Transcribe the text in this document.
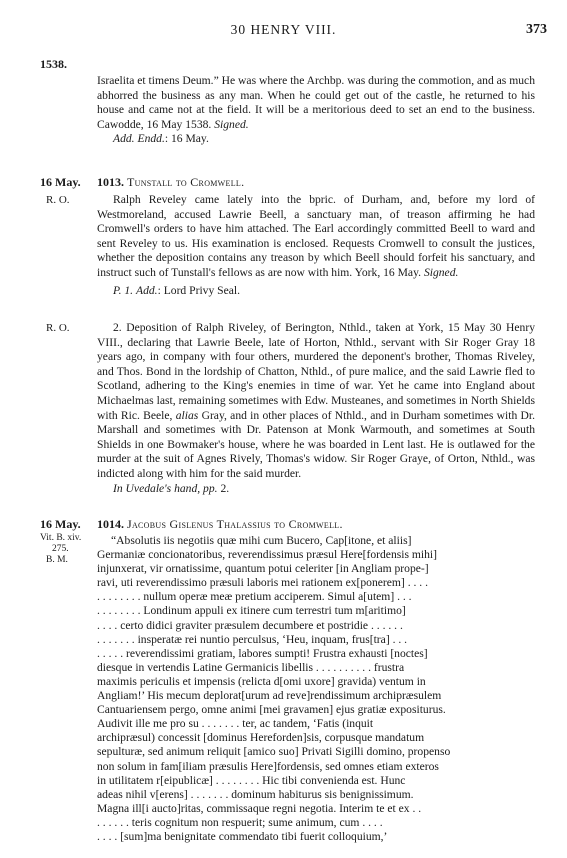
30 HENRY VIII.	373
1538.

Israelita et timens Deum.” He was where the Archbp. was during the commotion, and as much abhorred the business as any man. When he could get out of the castle, he returned to his house and came not at the field. It will be a meritorious deed to set an end to the business. Cawodde, 16 May 1538. Signed.

Add. Endd.: 16 May.

16 May.	1013. Tunstall to Cromwell.
R. O.	Ralph Reveley came lately into the bpric. of Durham, and, before my lord of Westmoreland, accused Lawrie Beell, a sanctuary man, of treason affirming he had Cromwell's orders to have him attached. The Earl accordingly committed Beell to ward and sent Reveley to us. His examination is enclosed. Requests Cromwell to consult the justices, whether the deposition contains any treason by which Beell should forfeit his sanctuary, and instruct such of Tunstall's fellows as are now with him. York, 16 May. Signed.

P. 1. Add.: Lord Privy Seal.

R. O.	2. Deposition of Ralph Riveley, of Berington, Nthld., taken at York, 15 May 30 Henry VIII., declaring that Lawrie Beele, late of Horton, Nthld., servant with Sir Roger Gray 18 years ago, in company with four others, murdered the deponent's brother, Thomas Riveley, and Thos. Bond in the lordship of Chatton, Nthld., of pure malice, and the said Lawrie fled to Scotland, adhering to the King's enemies in time of war. Yet he came into England about Michaelmas last, remaining sometimes with Edw. Musteanes, and sometimes in North Shields with Ric. Beele, alias Gray, and in other places of Nthld., and in Durham sometimes with Dr. Marshall and sometimes with Dr. Patenson at Monk Warmouth, and sometimes at South Shields in one Bowmaker's house, where he was boarded in Lent last. He is outlawed for the murder at the suit of Agnes Rively, Thomas's widow. Sir Roger Graye, of Orton, Nthld., was indicted along with him for the said murder.

In Uvedale's hand, pp. 2.

16 May.	1014. Jacobus Gislenus Thalassius to Cromwell.
Vit. B. xiv.
275.
B. M.
“Absolutis iis negotiis quæ mihi cum Bucero, Cap[itone, et aliis]
Germaniæ concionatoribus, reverendissimus præsul Here[fordensis mihi]
injunxerat, vir ornatissime, quantum potui celeriter [in Angliam prope-]
ravi, uti reverendissimo præsuli laboris mei rationem ex[ponerem] . . . .
. . . . . . . . nullum operæ meæ pretium acciperem. Simul a[utem] . . .
. . . . . . . . Londinum appuli ex itinere cum terrestri tum m[aritimo]
. . . . certo didici graviter præsulem decumbere et postridie . . . . . .
. . . . . . . insperatæ rei nuntio perculsus, ‘Heu, inquam, frus[tra] . . .
. . . . . reverendissimi gratiam, labores sumpti! Frustra exhausti [noctes]
diesque in vertendis Latine Germanicis libellis . . . . . . . . . . frustra
maximis periculis et impensis (relicta d[omi uxore] gravida) ventum in
Angliam!’ His mecum deplorat[urum ad reve]rendissimum archipræsulem
Cantuariensem pergo, omne animi [mei gravamen] ejus gratiæ expositurus.
Audivit ille me pro su . . . . . . . ter, ac tandem, ‘Fatis (inquit
archipræsul) concessit [dominus Hereforden]sis, corpusque mandatum
sepulturæ, sed animum reliquit [amico suo] Privati Sigilli domino, propenso
non solum in fam[iliam præsulis Here]fordensis, sed omnes etiam exteros
in utilitatem r[eipublicæ] . . . . . . . . Hic tibi convenienda est. Hunc
adeas nihil v[erens] . . . . . . . dominum habiturus sis benignissimum.
Magna ill[i aucto]ritas, commissaque regni negotia. Interim te et ex . .
. . . . . . teris cognitum non respuerit; sume animum, cum . . . .
. . . . [sum]ma benignitate commendato tibi fuerit colloquium,’
